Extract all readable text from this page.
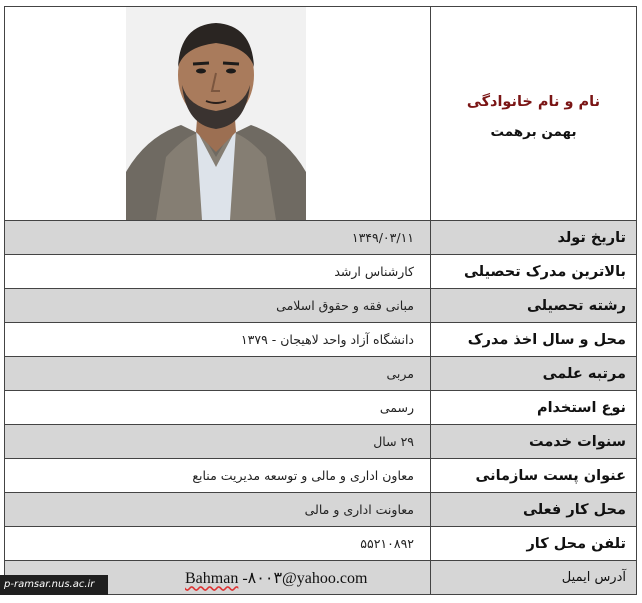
نام و نام خانوادگی
بهمن برهمت

تاریخ تولد	۱۳۴۹/۰۳/۱۱
بالاترین مدرک تحصیلی	کارشناس ارشد
رشته تحصیلی	مبانی فقه و حقوق اسلامی
محل و سال اخذ مدرک	دانشگاه آزاد واحد لاهیجان - ۱۳۷۹
مرتبه علمی	مربی
نوع استخدام	رسمی
سنوات خدمت	۲۹ سال
عنوان پست سازمانی	معاون اداری و مالی و توسعه مدیریت منابع
محل کار فعلی	معاونت اداری و مالی
تلفن محل کار	۵۵۲۱۰۸۹۲
آدرس ایمیل	Bahman -۸۰۰۳@yahoo.com
p-ramsar.nus.ac.ir
